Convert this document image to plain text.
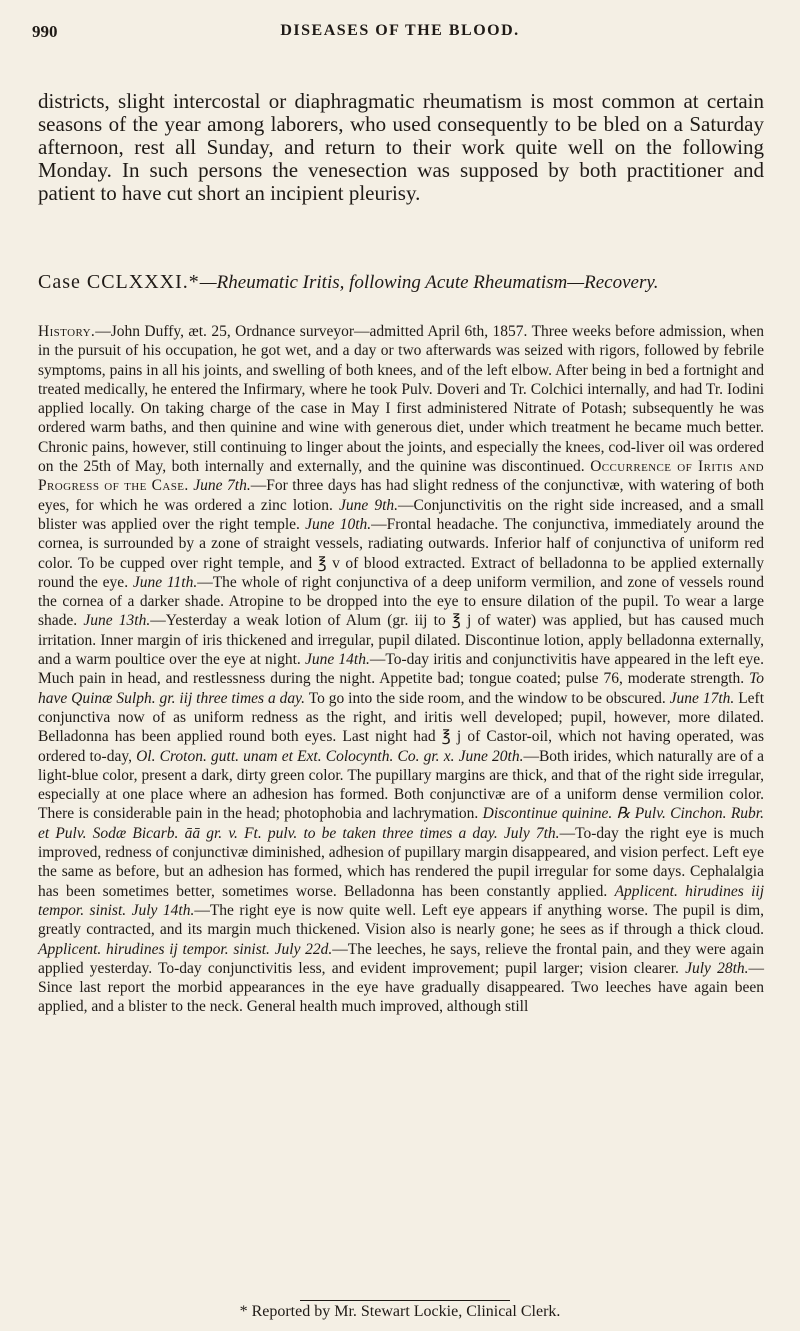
990	DISEASES OF THE BLOOD.

districts, slight intercostal or diaphragmatic rheumatism is most common at certain seasons of the year among laborers, who used consequently to be bled on a Saturday afternoon, rest all Sunday, and return to their work quite well on the following Monday. In such persons the venesection was supposed by both practitioner and patient to have cut short an incipient pleurisy.

Case CCLXXXI.*—Rheumatic Iritis, following Acute Rheumatism—Recovery.

History.—John Duffy, æt. 25, Ordnance surveyor—admitted April 6th, 1857. Three weeks before admission, when in the pursuit of his occupation, he got wet, and a day or two afterwards was seized with rigors, followed by febrile symptoms, pains in all his joints, and swelling of both knees, and of the left elbow. After being in bed a fortnight and treated medically, he entered the Infirmary, where he took Pulv. Doveri and Tr. Colchici internally, and had Tr. Iodini applied locally. On taking charge of the case in May I first administered Nitrate of Potash; subsequently he was ordered warm baths, and then quinine and wine with generous diet, under which treatment he became much better. Chronic pains, however, still continuing to linger about the joints, and especially the knees, cod-liver oil was ordered on the 25th of May, both internally and externally, and the quinine was discontinued. Occurrence of Iritis and Progress of the Case. June 7th.—For three days has had slight redness of the conjunctivæ, with watering of both eyes, for which he was ordered a zinc lotion. June 9th.—Conjunctivitis on the right side increased, and a small blister was applied over the right temple. June 10th.—Frontal headache. The conjunctiva, immediately around the cornea, is surrounded by a zone of straight vessels, radiating outwards. Inferior half of conjunctiva of uniform red color. To be cupped over right temple, and ℥ v of blood extracted. Extract of belladonna to be applied externally round the eye. June 11th.—The whole of right conjunctiva of a deep uniform vermilion, and zone of vessels round the cornea of a darker shade. Atropine to be dropped into the eye to ensure dilation of the pupil. To wear a large shade. June 13th.—Yesterday a weak lotion of Alum (gr. iij to ℥ j of water) was applied, but has caused much irritation. Inner margin of iris thickened and irregular, pupil dilated. Discontinue lotion, apply belladonna externally, and a warm poultice over the eye at night. June 14th.—To-day iritis and conjunctivitis have appeared in the left eye. Much pain in head, and restlessness during the night. Appetite bad; tongue coated; pulse 76, moderate strength. To have Quinæ Sulph. gr. iij three times a day. To go into the side room, and the window to be obscured. June 17th. Left conjunctiva now of as uniform redness as the right, and iritis well developed; pupil, however, more dilated. Belladonna has been applied round both eyes. Last night had ℥ j of Castor-oil, which not having operated, was ordered to-day, Ol. Croton. gutt. unam et Ext. Colocynth. Co. gr. x. June 20th.—Both irides, which naturally are of a light-blue color, present a dark, dirty green color. The pupillary margins are thick, and that of the right side irregular, especially at one place where an adhesion has formed. Both conjunctivæ are of a uniform dense vermilion color. There is considerable pain in the head; photophobia and lachrymation. Discontinue quinine. ℞ Pulv. Cinchon. Rubr. et Pulv. Sodæ Bicarb. āā gr. v. Ft. pulv. to be taken three times a day. July 7th.—To-day the right eye is much improved, redness of conjunctivæ diminished, adhesion of pupillary margin disappeared, and vision perfect. Left eye the same as before, but an adhesion has formed, which has rendered the pupil irregular for some days. Cephalalgia has been sometimes better, sometimes worse. Belladonna has been constantly applied. Applicent. hirudines iij tempor. sinist. July 14th.—The right eye is now quite well. Left eye appears if anything worse. The pupil is dim, greatly contracted, and its margin much thickened. Vision also is nearly gone; he sees as if through a thick cloud. Applicent. hirudines ij tempor. sinist. July 22d.—The leeches, he says, relieve the frontal pain, and they were again applied yesterday. To-day conjunctivitis less, and evident improvement; pupil larger; vision clearer. July 28th.—Since last report the morbid appearances in the eye have gradually disappeared. Two leeches have again been applied, and a blister to the neck. General health much improved, although still

* Reported by Mr. Stewart Lockie, Clinical Clerk.
